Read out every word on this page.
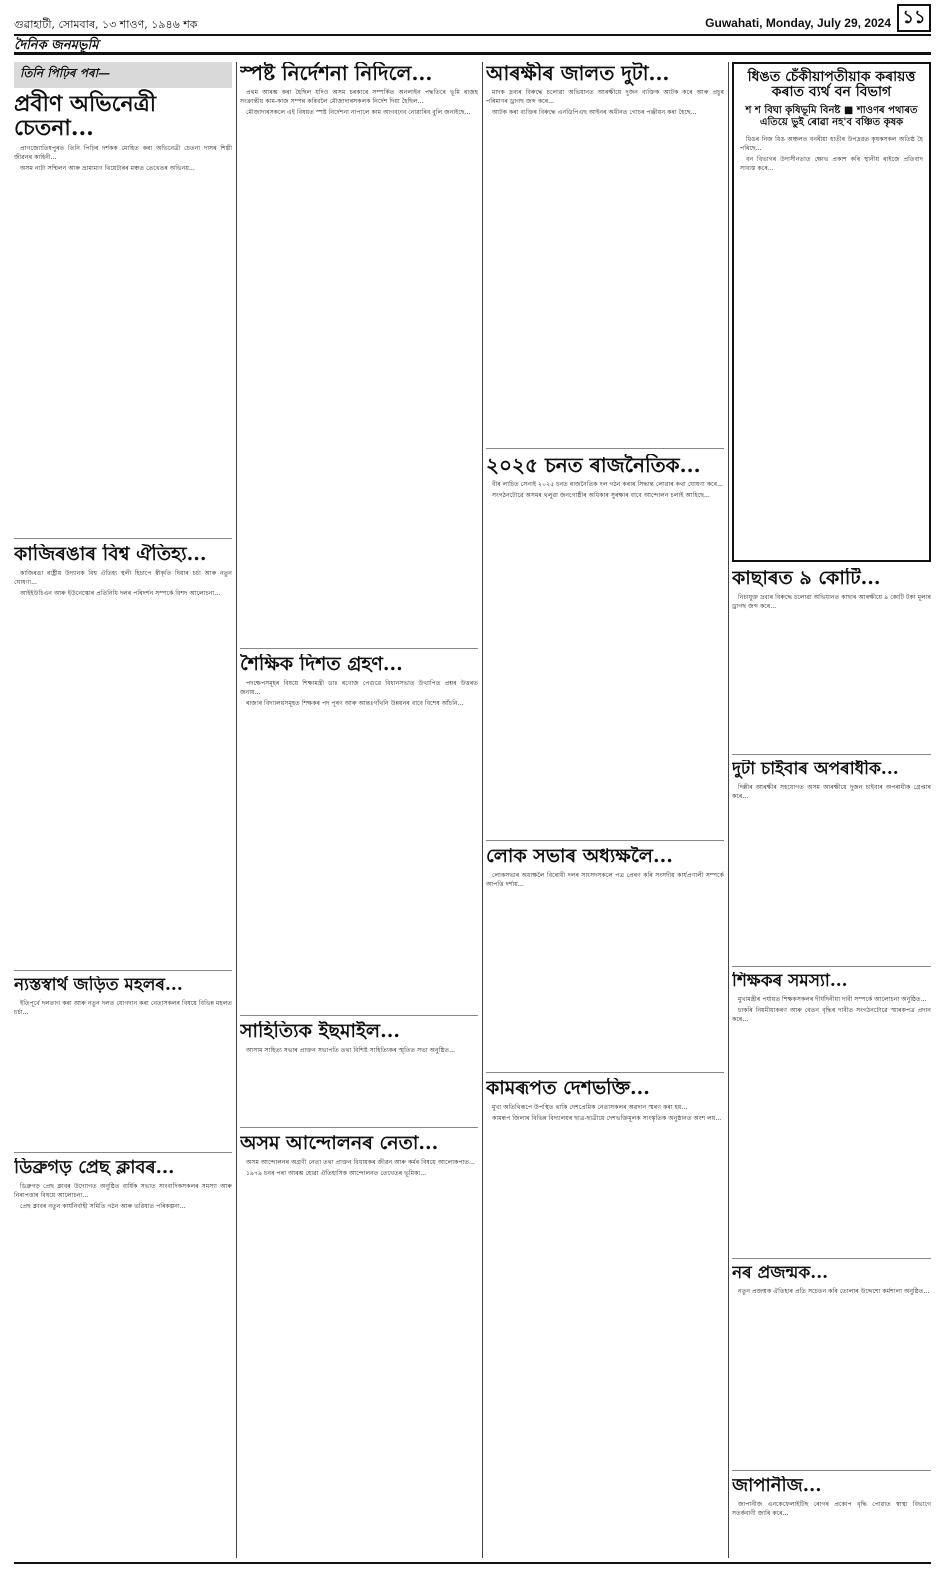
গুৱাহাটী, সোমবাৰ, ১৩ শাওণ, ১৯৪৬ শক	Guwahati, Monday, July 29, 2024 ১১
দৈনিক জনমভূমি
তিনি পিঢ়িৰ পৰা—
প্ৰবীণ অভিনেত্ৰী চেতনা...

প্ৰাগজ্যোতিষপুৰত তিনি পিঢ়িৰ দৰ্শকক মোহিত কৰা অভিনেত্ৰী চেতনা দাসৰ শিল্পী জীৱনৰ কাহিনী...

অসম নাট্য সন্মিলন আৰু ভ্ৰাম্যমাণ থিয়েটাৰৰ মঞ্চত তেখেতৰ অভিনয়...

কাজিৰঙাৰ বিশ্ব ঐতিহ্য...

কাজিৰঙা ৰাষ্ট্ৰীয় উদ্যানক বিশ্ব ঐতিহ্য স্থলী হিচাপে স্বীকৃতি দিয়াৰ চৰ্চা আৰু নতুন ঘোষণা...

আইইউচিএন আৰু ইউনেস্কোৰ প্ৰতিনিধি দলৰ পৰিদৰ্শন সম্পৰ্কে বিশদ আলোচনা...

ন্যস্তস্বাৰ্থ জড়িত মহলৰ...

ইতিপূৰ্বে দলতাগ কৰা আৰু নতুন দলত যোগদান কৰা নেতাসকলৰ বিষয়ে বিভিন্ন মহলত চৰ্চা...

ডিব্ৰুগড় প্ৰেছ ক্লাবৰ...

ডিব্ৰুগড় প্ৰেছ ক্লাবৰ উদ্যোগত অনুষ্ঠিত বাৰ্ষিক সভাত সাংবাদিকসকলৰ সমস্যা আৰু নিৰাপত্তাৰ বিষয়ে আলোচনা...

প্ৰেছ ক্লাবৰ নতুন কাৰ্যনিৰ্বাহী সমিতি গঠন আৰু ভৱিষ্যত পৰিকল্পনা...

স্পষ্ট নিৰ্দেশনা নিদিলে...

প্ৰথম আৰম্ভ কৰা হৈছিল যদিও অসম চৰকাৰে সম্পৰ্কিত অনলাইন পদ্ধতিৰে ভূমি ৰাজহ সংক্ৰান্তীয় কাম-কাজ সম্পন্ন কৰিবলৈ মৌজাদাৰসকলক নিৰ্দেশ দিয়া হৈছিল...

মৌজাদাৰসকলে এই বিষয়ত স্পষ্ট নিৰ্দেশনা নাপালে কাম আগবঢ়াব নোৱাৰিব বুলি জনাইছে...

শৈক্ষিক দিশত গ্ৰহণ...

পদক্ষেপসমূহৰ বিষয়ে শিক্ষামন্ত্ৰী ডাঃ ৰণোজ পেগুৱে বিধানসভাত উত্থাপিত প্ৰশ্নৰ উত্তৰত জনায়...

ৰাজ্যৰ বিদ্যালয়সমূহত শিক্ষকৰ পদ পূৰণ আৰু আন্তঃগাঁথনি উন্নয়নৰ বাবে বিশেষ আঁচনি...

সাহিত্যিক ইছমাইল...

আসাম সাহিত্য সভাৰ প্ৰাক্তন সভাপতি তথা বিশিষ্ট সাহিত্যিকৰ স্মৃতিত সভা অনুষ্ঠিত...

অসম আন্দোলনৰ নেতা...

অসম আন্দোলনৰ অগ্ৰণী নেতা তথা প্ৰাক্তন বিধায়কৰ জীৱন আৰু কৰ্মৰ বিষয়ে আলোকপাত...

১৯৭৯ চনৰ পৰা আৰম্ভ হোৱা ঐতিহাসিক আন্দোলনত তেখেতৰ ভূমিকা...

আৰক্ষীৰ জালত দুটা...

মাদক দ্ৰব্যৰ বিৰুদ্ধে চলোৱা অভিযানত আৰক্ষীয়ে দুজন ব্যক্তিক আটক কৰে আৰু প্ৰচুৰ পৰিমাণৰ ড্ৰাগছ জব্দ কৰে...

আটক কৰা ব্যক্তিৰ বিৰুদ্ধে এনডিপিএছ আইনৰ অধীনত গোচৰ পঞ্জীয়ন কৰা হৈছে...

২০২৫ চনত ৰাজনৈতিক...

বীৰ লাচিত সেনাই ২০২৫ চনত ৰাজনৈতিক দল গঠন কৰাৰ সিদ্ধান্ত লোৱাৰ কথা ঘোষণা কৰে...

সংগঠনটোৱে অসমৰ থলুৱা জনগোষ্ঠীৰ অধিকাৰ সুৰক্ষাৰ বাবে আন্দোলন চলাই আহিছে...

লোক সভাৰ অধ্যক্ষলৈ...

লোকসভাৰ অধ্যক্ষলৈ বিৰোধী দলৰ সাংসদসকলে পত্ৰ প্ৰেৰণ কৰি সংসদীয় কাৰ্যপ্ৰণালী সম্পৰ্কে আপত্তি দৰ্শায়...

কামৰূপত দেশভক্তি...

মুখ্য অতিথিৰূপে উপস্থিত থাকি দেশপ্ৰেমিক নেতাসকলৰ অৱদান স্মৰণ কৰা হয়...

কামৰূপ জিলাৰ বিভিন্ন বিদ্যালয়ৰ ছাত্ৰ-ছাত্ৰীয়ে দেশভক্তিমূলক সাংস্কৃতিক অনুষ্ঠানত অংশ লয়...

ধিঙত চেঁকীয়াপতীয়াক কৰায়ত্ত কৰাত ব্যৰ্থ বন বিভাগ
শ শ বিঘা কৃষিভূমি বিনষ্ট ■ শাওণৰ পথাৰত এতিয়ে ভুই ৰোৱা নহ'ব বঞ্চিত কৃষক

ধিঙৰ নিজ ধিঙ অঞ্চলত বনৰীয়া হাতীৰ উপদ্ৰৱত কৃষকসকল অতিষ্ঠ হৈ পৰিছে...

বন বিভাগৰ উদাসীনতাত ক্ষোভ প্ৰকাশ কৰি স্থানীয় ৰাইজে প্ৰতিবাদ সাব্যস্ত কৰে...

কাছাৰত ৯ কোটি...

নিচাযুক্ত দ্ৰব্যৰ বিৰুদ্ধে চলোৱা অভিযানত কাছাৰ আৰক্ষীয়ে ৯ কোটি টকা মূল্যৰ ড্ৰাগছ জব্দ কৰে...

দুটা চাইবাৰ অপৰাধীক...

দিল্লীৰ আৰক্ষীৰ সহযোগত অসম আৰক্ষীয়ে দুজন চাইবাৰ অপৰাধীক গ্ৰেপ্তাৰ কৰে...

শিক্ষকৰ সমস্যা...

মুখ্যমন্ত্ৰীৰ পৰ্যায়ত শিক্ষকসকলৰ দীৰ্ঘদিনীয়া দাবী সম্পৰ্কে আলোচনা অনুষ্ঠিত...

চাকৰি নিয়মীয়াকৰণ আৰু বেতন বৃদ্ধিৰ দাবীত সংগঠনটোৱে স্মাৰকপত্ৰ প্ৰদান কৰে...

নৰ প্ৰজন্মক...

নতুন প্ৰজন্মক ঐতিহ্যৰ প্ৰতি সচেতন কৰি তোলাৰ উদ্দেশ্যে কৰ্মশালা অনুষ্ঠিত...

জাপানীজ...

জাপানীজ এনকেফেলাইটিছ ৰোগৰ প্ৰকোপ বৃদ্ধি পোৱাত স্বাস্থ্য বিভাগে সতৰ্কবাণী জাৰি কৰে...
